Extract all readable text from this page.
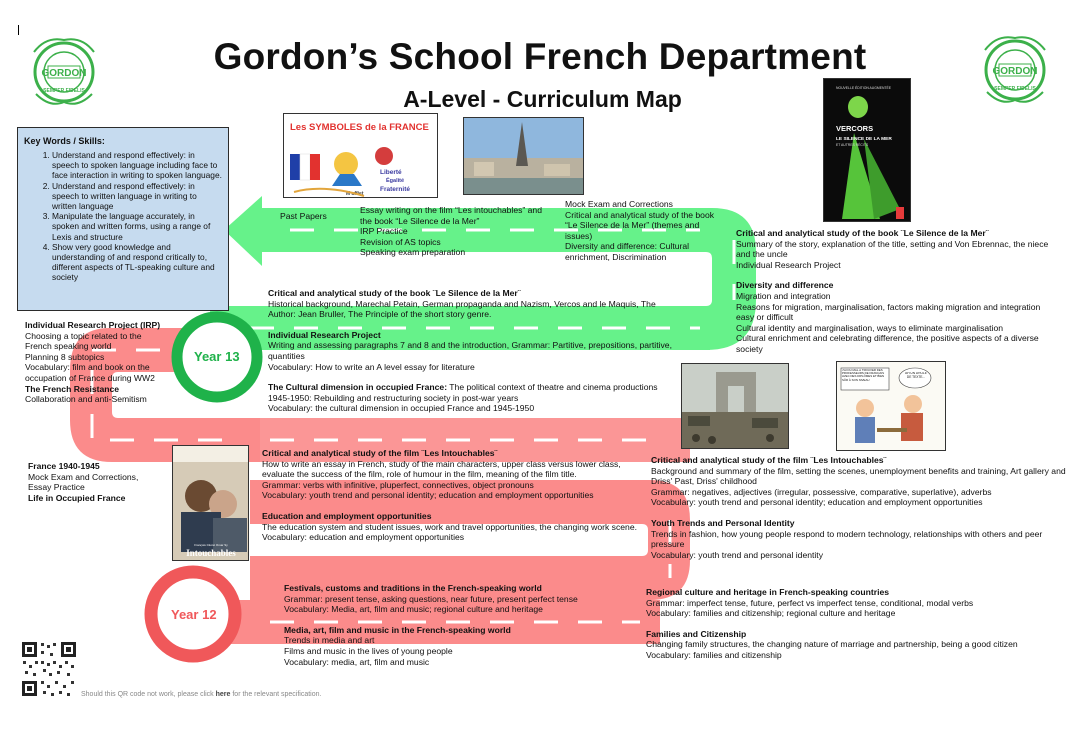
Gordon’s School French Department
A-Level - Curriculum Map
GORDON
SEMPER FIDELIS
GORDON
SEMPER FIDELIS
Key Words / Skills:
1. Understand and respond effectively: in speech to spoken language including face to face interaction in writing to spoken language.
2. Understand and respond effectively: in speech to written language in writing to written language
3. Manipulate the language accurately, in spoken and written forms, using a range of Lexis and structure
4. Show very good knowledge and understanding of and respond critically to, different aspects of TL-speaking culture and society
Les SYMBOLES de la FRANCE
Liberté
Égalité
Fraternité
M affiet
NOUVELLE ÉDITION AUGMENTÉE
VERCORS
LE SILENCE DE LA MER
ET AUTRES RÉCITS
J'AI DU MAL À TROUVER DES PROFESSEURS DE FRANÇAIS AVEC DES DIPLÔMES ET BIEN SÛR À SON NIVEAU
AH UN DRÔLE DE TEXTE...
François Cluzet Omar Sy
Intouchables
Past Papers
Essay writing on the film “Les intouchables” and the book “Le Silence de la Mer”
IRP Practice
Revision of AS topics
Speaking exam preparation
Mock Exam and Corrections
Critical and analytical study of the book “Le Silence de la Mer” (themes and issues)
Diversity and difference: Cultural enrichment, Discrimination
Critical and analytical study of the book ¨Le Silence de la Mer¨
Summary of the story, explanation of the title, setting and Von Ebrennac, the niece and the uncle
Individual Research Project
Diversity and difference
Migration and integration
Reasons for migration, marginalisation, factors making migration and integration easy or difficult
Cultural identity and marginalisation, ways to eliminate marginalisation
Cultural enrichment and celebrating difference, the positive aspects of a diverse society
Year 13
Critical and analytical study of the book ¨Le Silence de la Mer¨
Historical background, Marechal Petain, German propaganda and Nazism, Vercos and le Maquis, The Author: Jean Bruller, The Principle of the short story genre.
Individual Research Project
Writing and assessing paragraphs 7 and 8 and the introduction, Grammar: Partitive, prepositions, partitive, quantities
Vocabulary: How to write an A level essay for literature
The Cultural dimension in occupied France: The political context of theatre and cinema productions
1945-1950: Rebuilding and restructuring society in post-war years
Vocabulary: the cultural dimension in occupied France and 1945-1950
Individual Research Project (IRP)
Choosing a topic related to the French speaking world
Planning 8 subtopics
Vocabulary: film and book on the occupation of France during WW2
The French Resistance
Collaboration and anti-Semitism
France 1940-1945
Mock Exam and Corrections,
Essay Practice
Life in Occupied France
Critical and analytical study of the film ¨Les Intouchables¨
How to write an essay in French, study of the main characters, upper class versus lower class, evaluate the success of the film, role of humour in the film, meaning of the film title.
Grammar: verbs with infinitive, pluperfect, connectives, object pronouns
Vocabulary: youth trend and personal identity; education and employment opportunities
Education and employment opportunities
The education system and student issues, work and travel opportunities, the changing work scene.
Vocabulary: education and employment opportunities
Critical and analytical study of the film ¨Les Intouchables¨
Background and summary of the film, setting the scenes, unemployment benefits and training, Art gallery and Driss' Past, Driss' childhood
Grammar: negatives, adjectives (irregular, possessive, comparative, superlative), adverbs
Vocabulary: youth trend and personal identity; education and employment opportunities
Youth Trends and Personal Identity
Trends in fashion, how young people respond to modern technology, relationships with others and peer pressure
Vocabulary: youth trend and personal identity
Year 12
Festivals, customs and traditions in the French-speaking world
Grammar: present tense, asking questions, near future, present perfect tense
Vocabulary: Media, art, film and music; regional culture and heritage
Media, art, film and music in the French-speaking world
Trends in media and art
Films and music in the lives of young people
Vocabulary: media, art, film and music
Regional culture and heritage in French-speaking countries
Grammar: imperfect tense, future, perfect vs imperfect tense, conditional, modal verbs
Vocabulary: families and citizenship; regional culture and heritage
Families and Citizenship
Changing family structures, the changing nature of marriage and partnership, being a good citizen
Vocabulary: families and citizenship
Should this QR code not work, please click here for the relevant specification.
